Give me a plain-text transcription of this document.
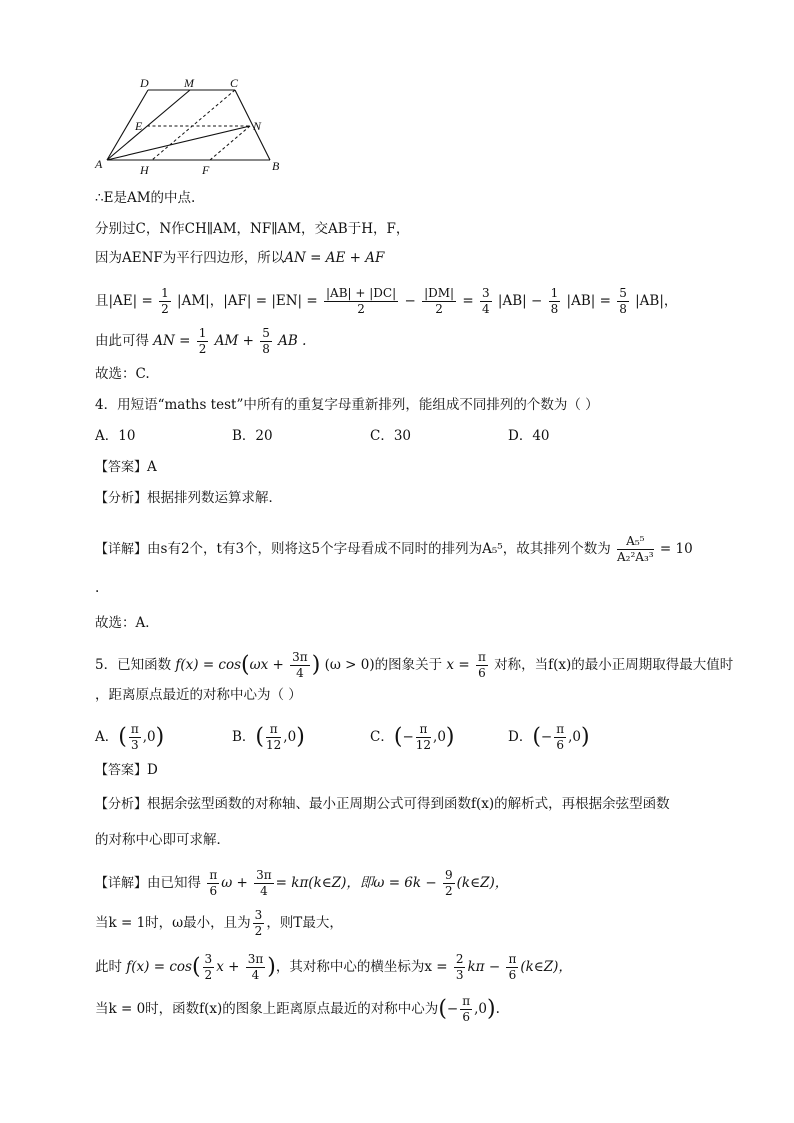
D	M	C
E	N
A	H	F	B
∴E是AM的中点.
分别过C，N作CH∥AM，NF∥AM，交AB于H，F，
因为AENF为平行四边形，所以AN = AE + AF
且$|AE| = \frac{1}{2} |AM|$，$|AF| = |EN| = \frac{|AB| + |DC|}{2} - \frac{|DM|}{2} = \frac{3}{4} |AB| - \frac{1}{8} |AB| = \frac{5}{8} |AB|$，
由此可得 AN = $\frac{1}{2}$ AM + $\frac{5}{8}$ AB .
故选：C.
4．用短语“maths test”中所有的重复字母重新排列，能组成不同排列的个数为（ ）
A．10	B．20	C．30	D．40
【答案】A
【分析】根据排列数运算求解．
【详解】由s有2个，t有3个，则将这5个字母看成不同时的排列为A₅⁵，故其排列个数为 $\frac{\text{A₅⁵}}{\text{A₂²A₃³}} = 10$
.
故选：A．
5．已知函数 $f(x) = \cos(\omega x + \frac{3\pi}{4}$ ) (ω > 0)的图象关于 $x = \frac{\pi}{6}$ 对称，当f(x)的最小正周期取得最大值时
，距离原点最近的对称中心为（ ）
A．( $\frac{\pi}{3} ,0$)	B．( $\frac{\pi}{12} ,0$)	C．(− $\frac{\pi}{12} ,0$)	D．(− $\frac{\pi}{6} ,0$)
【答案】D
【分析】根据余弦型函数的对称轴、最小正周期公式可得到函数f(x)的解析式，再根据余弦型函数
的对称中心即可求解．
【详解】由已知得 $\frac{\pi}{6}$ $\omega + \frac{3\pi}{4}$ = kπ(k∈Z)，即$\omega = 6k - \frac{9}{2}$ (k∈Z)，
当k = 1时，ω最小，且为 $\frac{3}{2}$ ，则T最大，
此时 $f(x) = \cos( \frac{3}{2}$ $x + \frac{3\pi}{4}$ )，其对称中心的横坐标为$x = \frac{2}{3}$ $k\pi - \frac{\pi}{6}$ (k∈Z)，
当k = 0时，函数f(x)的图象上距离原点最近的对称中心为(− $\frac{\pi}{6} ,0$).
